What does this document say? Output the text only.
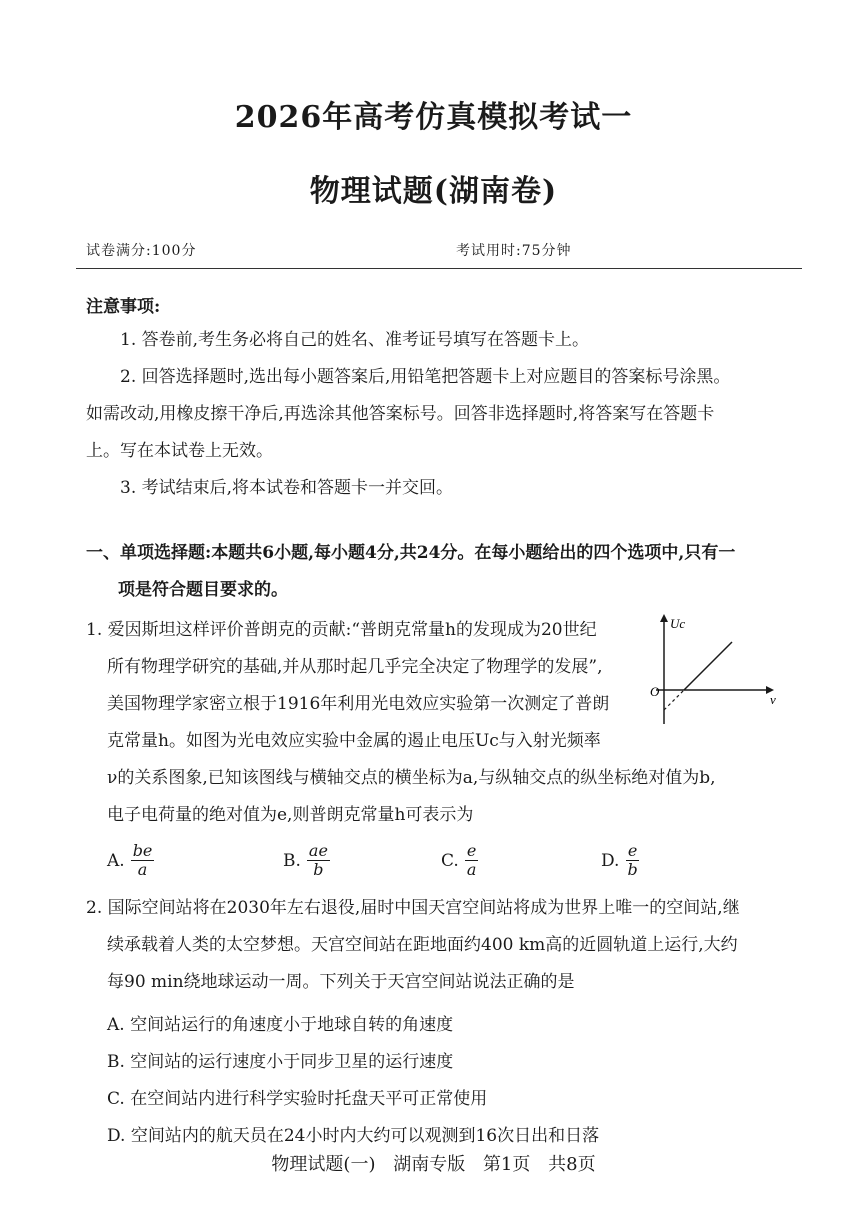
2026年高考仿真模拟考试一
物理试题(湖南卷)
试卷满分:100分	考试用时:75分钟
注意事项:
1. 答卷前,考生务必将自己的姓名、准考证号填写在答题卡上。
2. 回答选择题时,选出每小题答案后,用铅笔把答题卡上对应题目的答案标号涂黑。
如需改动,用橡皮擦干净后,再选涂其他答案标号。回答非选择题时,将答案写在答题卡
上。写在本试卷上无效。
3. 考试结束后,将本试卷和答题卡一并交回。
一、单项选择题:本题共6小题,每小题4分,共24分。在每小题给出的四个选项中,只有一
项是符合题目要求的。
1. 爱因斯坦这样评价普朗克的贡献:“普朗克常量h的发现成为20世纪
所有物理学研究的基础,并从那时起几乎完全决定了物理学的发展”,
美国物理学家密立根于1916年利用光电效应实验第一次测定了普朗
克常量h。如图为光电效应实验中金属的遏止电压Uc与入射光频率
Uc
ν
O
ν的关系图象,已知该图线与横轴交点的横坐标为a,与纵轴交点的纵坐标绝对值为b,
电子电荷量的绝对值为e,则普朗克常量h可表示为
A. $\frac{be}{a}$	B. $\frac{ae}{b}$	C. $\frac{e}{a}$	D. $\frac{e}{b}$
2. 国际空间站将在2030年左右退役,届时中国天宫空间站将成为世界上唯一的空间站,继
续承载着人类的太空梦想。天宫空间站在距地面约400 km高的近圆轨道上运行,大约
每90 min绕地球运动一周。下列关于天宫空间站说法正确的是
A. 空间站运行的角速度小于地球自转的角速度
B. 空间站的运行速度小于同步卫星的运行速度
C. 在空间站内进行科学实验时托盘天平可正常使用
D. 空间站内的航天员在24小时内大约可以观测到16次日出和日落
物理试题(一) 湖南专版 第1页 共8页
